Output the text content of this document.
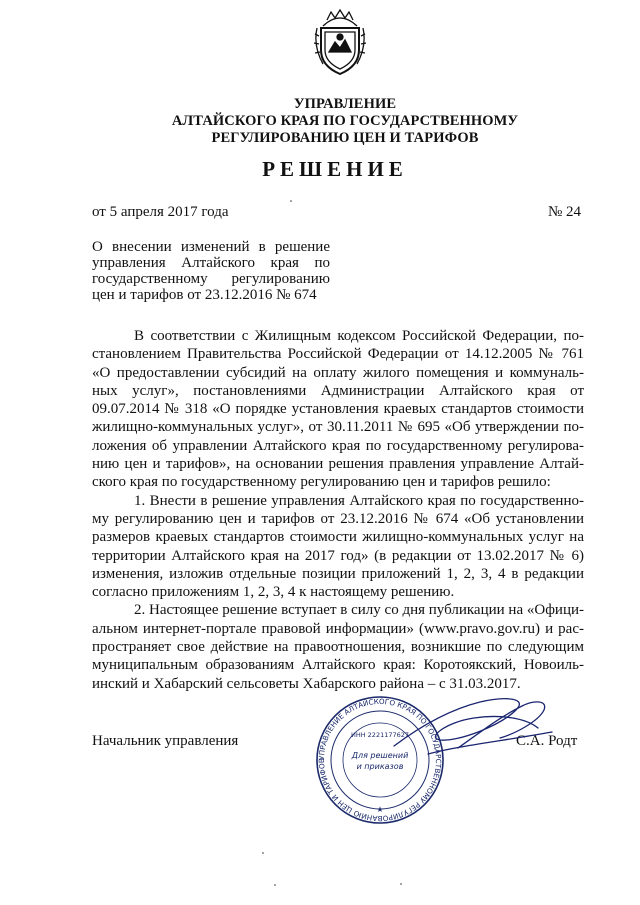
УПРАВЛЕНИЕ
АЛТАЙСКОГО КРАЯ ПО ГОСУДАРСТВЕННОМУ
РЕГУЛИРОВАНИЮ ЦЕН И ТАРИФОВ
РЕШЕНИЕ
от 5 апреля 2017 года	№ 24
О внесении изменений в решение
управления Алтайского края по
государственному регулированию
цен и тарифов от 23.12.2016 № 674
В соответствии с Жилищным кодексом Российской Федерации, по-
становлением Правительства Российской Федерации от 14.12.2005 № 761
«О предоставлении субсидий на оплату жилого помещения и коммуналь-
ных услуг», постановлениями Администрации Алтайского края от
09.07.2014 № 318 «О порядке установления краевых стандартов стоимости
жилищно-коммунальных услуг», от 30.11.2011 № 695 «Об утверждении по-
ложения об управлении Алтайского края по государственному регулирова-
нию цен и тарифов», на основании решения правления управление Алтай-
ского края по государственному регулированию цен и тарифов решило:
1. Внести в решение управления Алтайского края по государственно-
му регулированию цен и тарифов от 23.12.2016 № 674 «Об установлении
размеров краевых стандартов стоимости жилищно-коммунальных услуг на
территории Алтайского края на 2017 год» (в редакции от 13.02.2017 № 6)
изменения, изложив отдельные позиции приложений 1, 2, 3, 4 в редакции
согласно приложениям 1, 2, 3, 4 к настоящему решению.
2. Настоящее решение вступает в силу со дня публикации на «Офици-
альном интернет-портале правовой информации» (www.pravo.gov.ru) и рас-
пространяет свое действие на правоотношения, возникшие по следующим
муниципальным образованиям Алтайского края: Коротоякский, Новоиль-
инский и Хабарский сельсоветы Хабарского района – с 31.03.2017.
Начальник управления	С.А. Родт
УПРАВЛЕНИЕ АЛТАЙСКОГО КРАЯ ПО ГОСУДАРСТВЕННОМУ РЕГУЛИРОВАНИЮ ЦЕН И ТАРИФОВ
ИНН 2221177627
Для решений
и приказов
★
